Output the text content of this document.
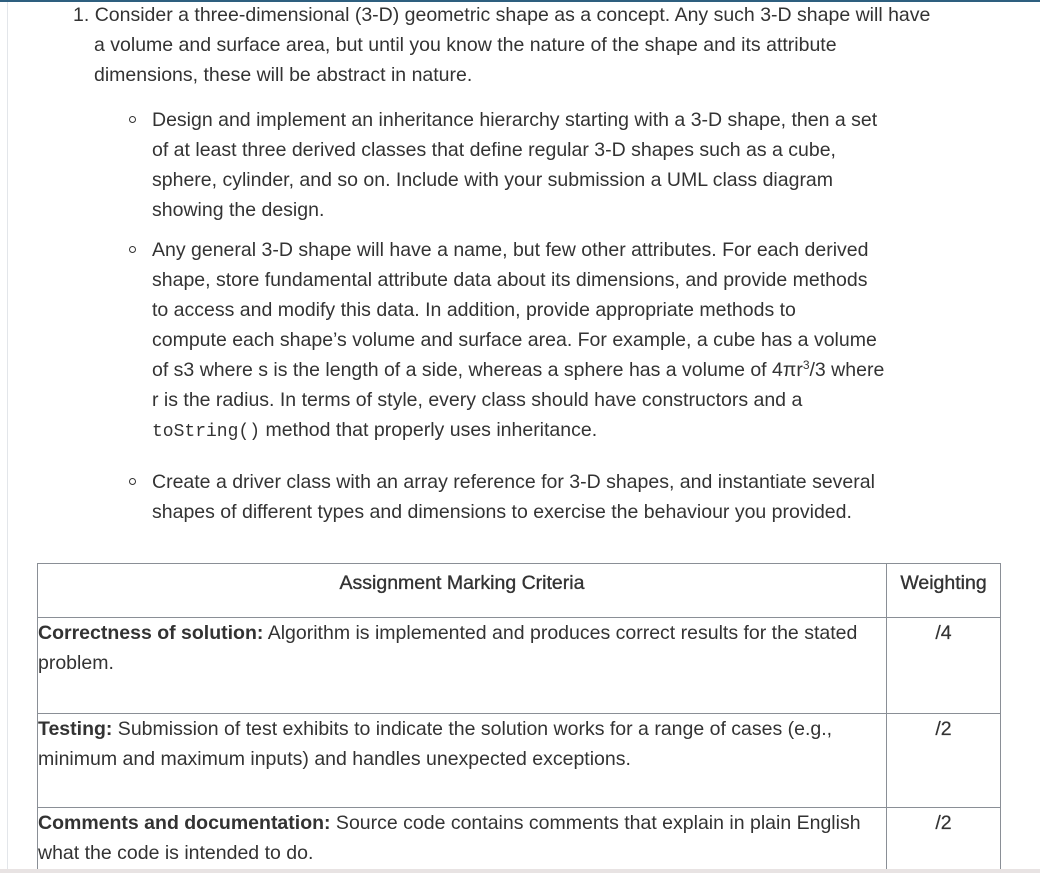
1. Consider a three-dimensional (3-D) geometric shape as a concept. Any such 3-D shape will have
a volume and surface area, but until you know the nature of the shape and its attribute
dimensions, these will be abstract in nature.
Design and implement an inheritance hierarchy starting with a 3-D shape, then a set
of at least three derived classes that define regular 3-D shapes such as a cube,
sphere, cylinder, and so on. Include with your submission a UML class diagram
showing the design.
Any general 3-D shape will have a name, but few other attributes. For each derived
shape, store fundamental attribute data about its dimensions, and provide methods
to access and modify this data. In addition, provide appropriate methods to
compute each shape’s volume and surface area. For example, a cube has a volume
of s3 where s is the length of a side, whereas a sphere has a volume of $4\pi r^3/3$ where
r is the radius. In terms of style, every class should have constructors and a
toString() method that properly uses inheritance.
Create a driver class with an array reference for 3-D shapes, and instantiate several
shapes of different types and dimensions to exercise the behaviour you provided.
Assignment Marking Criteria	Weighting
Correctness of solution: Algorithm is implemented and produces correct results for the stated problem.	/4
Testing: Submission of test exhibits to indicate the solution works for a range of cases (e.g., minimum and maximum inputs) and handles unexpected exceptions.	/2
Comments and documentation: Source code contains comments that explain in plain English what the code is intended to do.	/2
